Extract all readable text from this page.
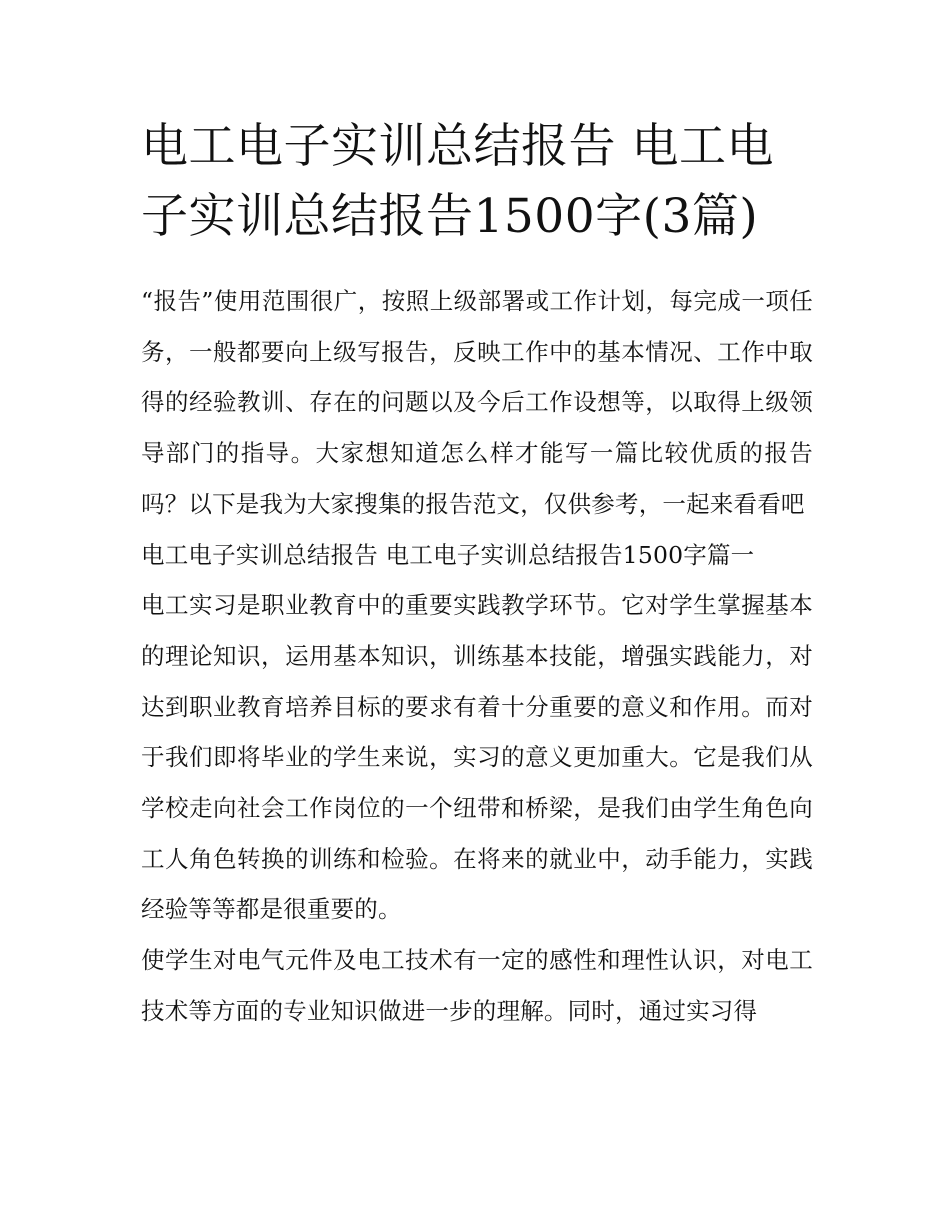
电工电子实训总结报告 电工电子实训总结报告1500字(3篇)

“报告”使用范围很广，按照上级部署或工作计划，每完成一项任务，一般都要向上级写报告，反映工作中的基本情况、工作中取得的经验教训、存在的问题以及今后工作设想等，以取得上级领导部门的指导。大家想知道怎么样才能写一篇比较优质的报告吗？以下是我为大家搜集的报告范文，仅供参考，一起来看看吧

电工电子实训总结报告 电工电子实训总结报告1500字篇一

电工实习是职业教育中的重要实践教学环节。它对学生掌握基本的理论知识，运用基本知识，训练基本技能，增强实践能力，对达到职业教育培养目标的要求有着十分重要的意义和作用。而对于我们即将毕业的学生来说，实习的意义更加重大。它是我们从学校走向社会工作岗位的一个纽带和桥梁，是我们由学生角色向工人角色转换的训练和检验。在将来的就业中，动手能力，实践经验等等都是很重要的。

使学生对电气元件及电工技术有一定的感性和理性认识，对电工技术等方面的专业知识做进一步的理解。同时，通过实习得
